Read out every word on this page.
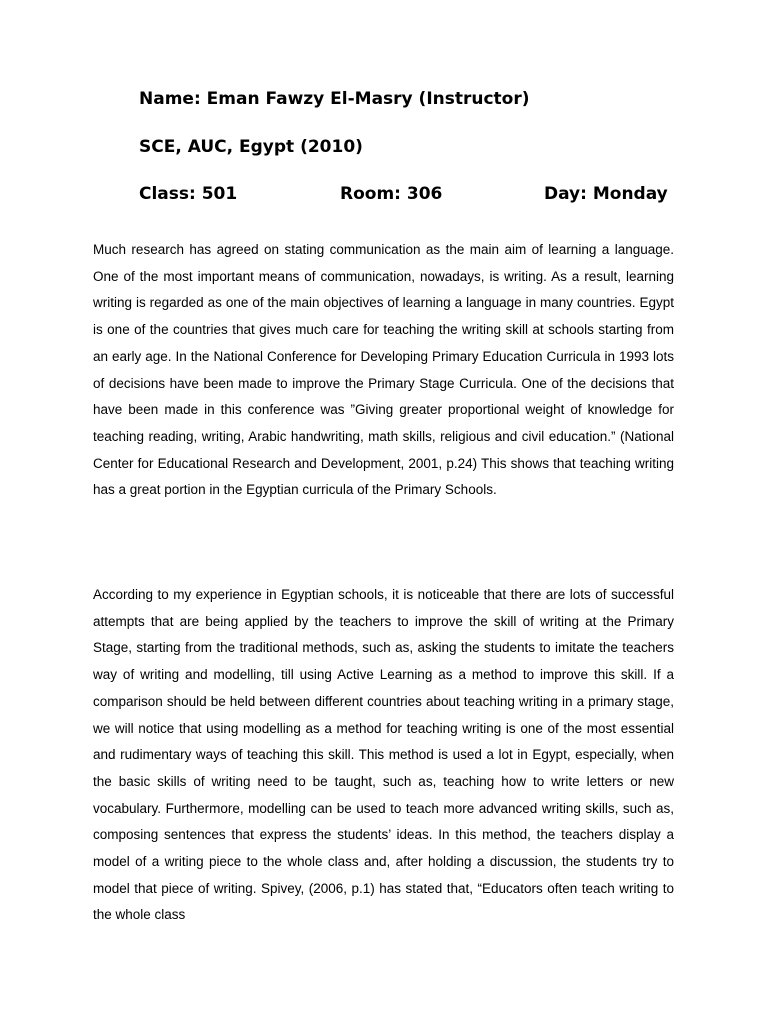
Name: Eman Fawzy El-Masry (Instructor)

SCE, AUC, Egypt (2010)

Class: 501	Room: 306	Day: Monday

Much research has agreed on stating communication as the main aim of learning a language. One of the most important means of communication, nowadays, is writing. As a result, learning writing is regarded as one of the main objectives of learning a language in many countries. Egypt is one of the countries that gives much care for teaching the writing skill at schools starting from an early age. In the National Conference for Developing Primary Education Curricula in 1993 lots of decisions have been made to improve the Primary Stage Curricula. One of the decisions that have been made in this conference was ”Giving greater proportional weight of knowledge for teaching reading, writing, Arabic handwriting, math skills, religious and civil education.” (National Center for Educational Research and Development, 2001, p.24) This shows that teaching writing has a great portion in the Egyptian curricula of the Primary Schools.

According to my experience in Egyptian schools, it is noticeable that there are lots of successful attempts that are being applied by the teachers to improve the skill of writing at the Primary Stage, starting from the traditional methods, such as, asking the students to imitate the teachers way of writing and modelling, till using Active Learning as a method to improve this skill. If a comparison should be held between different countries about teaching writing in a primary stage, we will notice that using modelling as a method for teaching writing is one of the most essential and rudimentary ways of teaching this skill. This method is used a lot in Egypt, especially, when the basic skills of writing need to be taught, such as, teaching how to write letters or new vocabulary. Furthermore, modelling can be used to teach more advanced writing skills, such as, composing sentences that express the students’ ideas. In this method, the teachers display a model of a writing piece to the whole class and, after holding a discussion, the students try to model that piece of writing. Spivey, (2006, p.1) has stated that, “Educators often teach writing to the whole class
